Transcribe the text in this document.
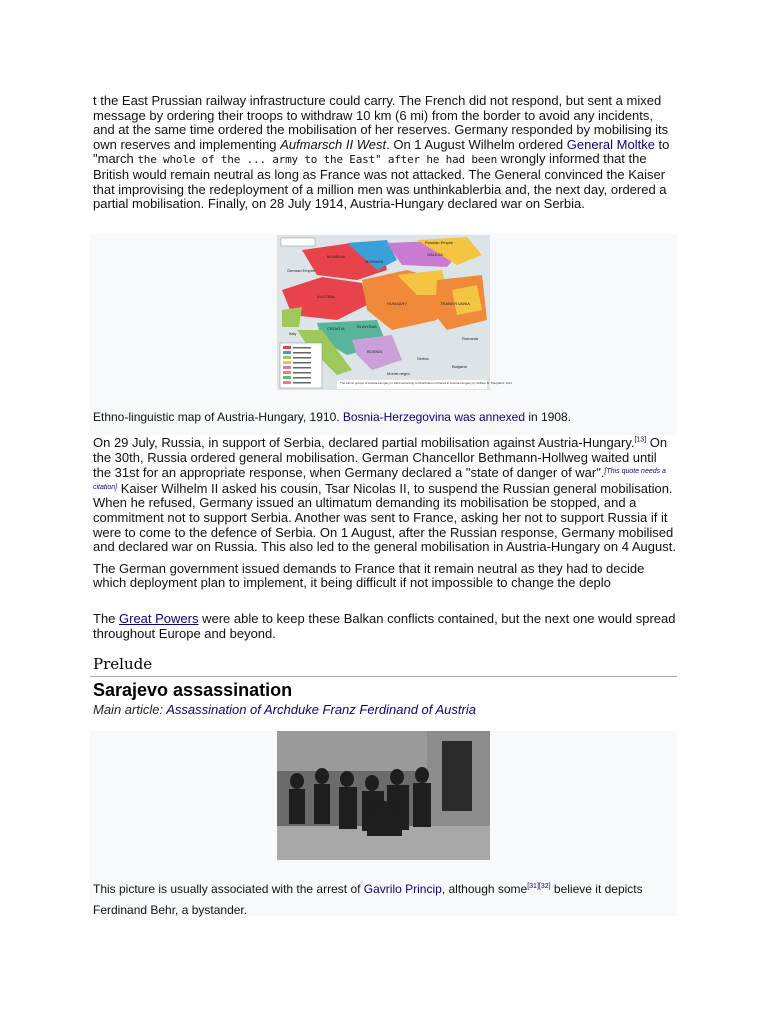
t the East Prussian railway infrastructure could carry. The French did not respond, but sent a mixed message by ordering their troops to withdraw 10 km (6 mi) from the border to avoid any incidents, and at the same time ordered the mobilisation of her reserves. Germany responded by mobilising its own reserves and implementing Aufmarsch II West. On 1 August Wilhelm ordered General Moltke to "march the whole of the ... army to the East" after he had been wrongly informed that the British would remain neutral as long as France was not attacked. The General convinced the Kaiser that improvising the redeployment of a million men was unthinkablerbia and, the next day, ordered a partial mobilisation. Finally, on 28 July 1914, Austria-Hungary declared war on Serbia.

The ethnic groups of Austria-Hungary in 1910 according to Distribution of Races in Austria-Hungary by William R. Shepherd, 1911.
German Empire
Russian Empire
BOHEMIA
MORAVIA
GALICIA
AUSTRIA
HUNGARY	TRANSYLVANIA
CROATIA	SLAVONIA
BOSNIA
Italy
Romania
Serbia
Bulgaria
Monte-negro
Ethno-linguistic map of Austria-Hungary, 1910. Bosnia-Herzegovina was annexed in 1908.

On 29 July, Russia, in support of Serbia, declared partial mobilisation against Austria-Hungary.[13] On the 30th, Russia ordered general mobilisation. German Chancellor Bethmann-Hollweg waited until the 31st for an appropriate response, when Germany declared a "state of danger of war".[This quote needs a citation] Kaiser Wilhelm II asked his cousin, Tsar Nicolas II, to suspend the Russian general mobilisation. When he refused, Germany issued an ultimatum demanding its mobilisation be stopped, and a commitment not to support Serbia. Another was sent to France, asking her not to support Russia if it were to come to the defence of Serbia. On 1 August, after the Russian response, Germany mobilised and declared war on Russia. This also led to the general mobilisation in Austria-Hungary on 4 August.

The German government issued demands to France that it remain neutral as they had to decide which deployment plan to implement, it being difficult if not impossible to change the deplo

The Great Powers were able to keep these Balkan conflicts contained, but the next one would spread throughout Europe and beyond.

Prelude
Sarajevo assassination
Main article: Assassination of Archduke Franz Ferdinand of Austria
This picture is usually associated with the arrest of Gavrilo Princip, although some[31][32] believe it depicts Ferdinand Behr, a bystander.
